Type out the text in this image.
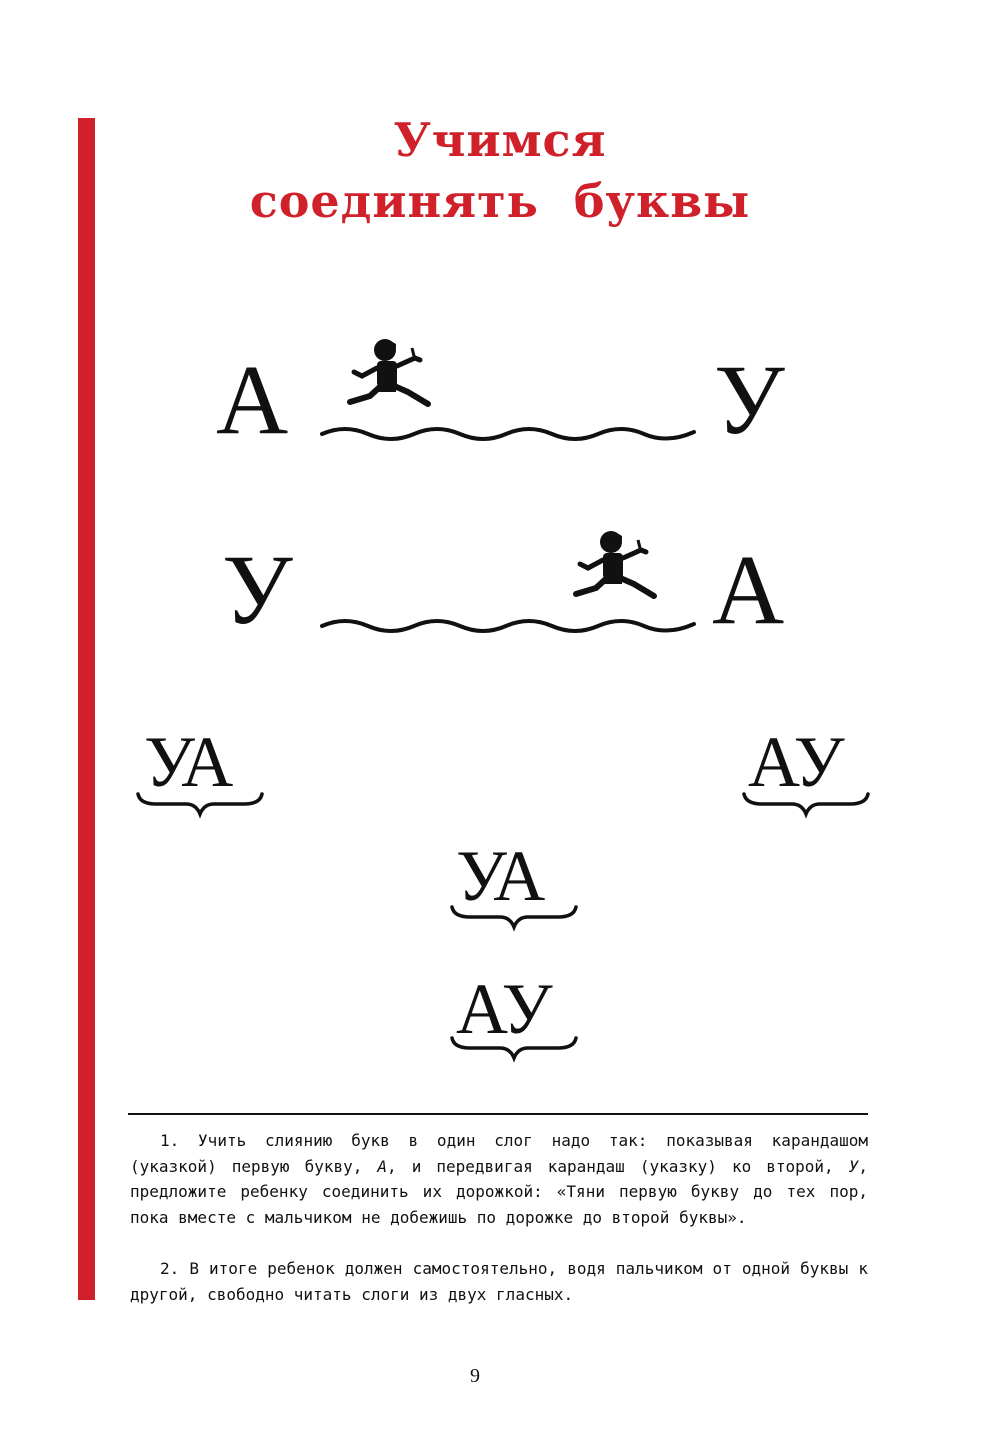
Учимся
соединять буквы
А	У
У	А
УА	АУ
УА
АУ
1. Учить слиянию букв в один слог надо так: показывая карандашом (указкой) первую букву, А, и передвигая карандаш (указку) ко второй, У, предложите ребенку соединить их дорожкой: «Тяни первую букву до тех пор, пока вместе с мальчиком не добежишь по дорожке до второй буквы».
2. В итоге ребенок должен самостоятельно, водя пальчиком от одной буквы к другой, свободно читать слоги из двух гласных.
9
